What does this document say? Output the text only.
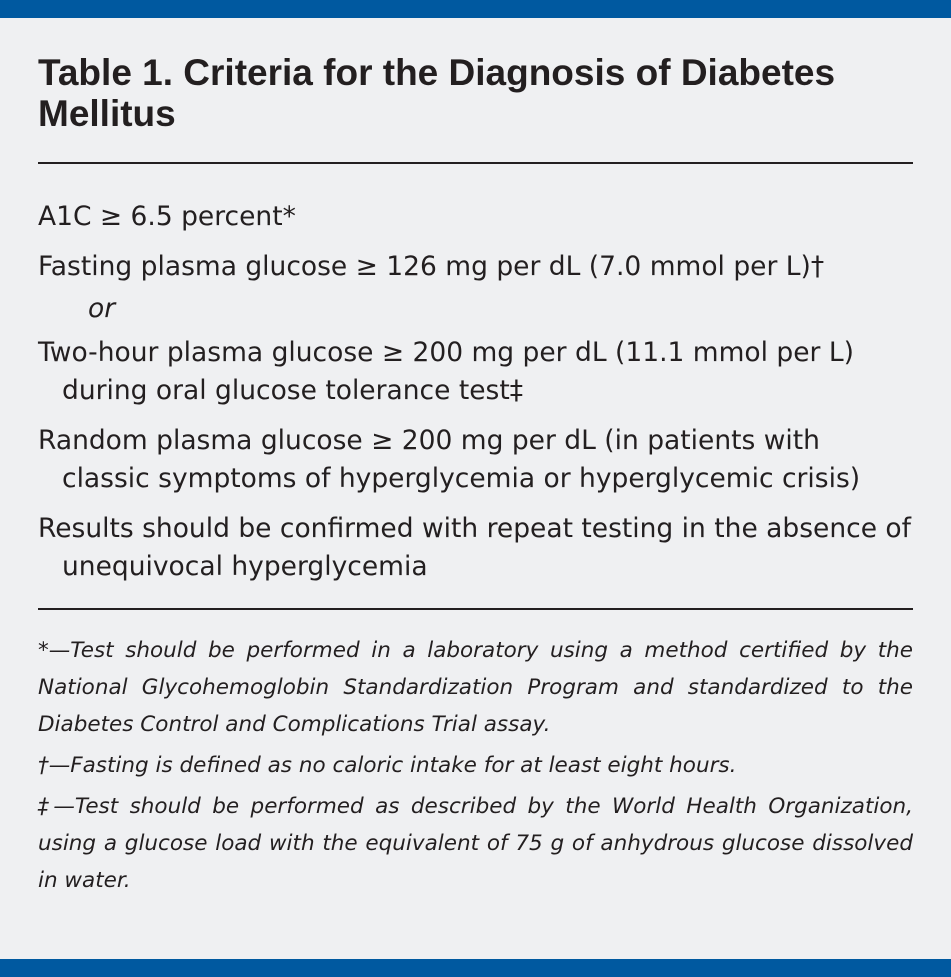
Table 1. Criteria for the Diagnosis of Diabetes Mellitus
A1C ≥ 6.5 percent*
Fasting plasma glucose ≥ 126 mg per dL (7.0 mmol per L)†
or
Two-hour plasma glucose ≥ 200 mg per dL (11.1 mmol per L) during oral glucose tolerance test‡
Random plasma glucose ≥ 200 mg per dL (in patients with classic symptoms of hyperglycemia or hyperglycemic crisis)
Results should be confirmed with repeat testing in the absence of unequivocal hyperglycemia
*—Test should be performed in a laboratory using a method certified by the National Glycohemoglobin Standardization Program and standardized to the Diabetes Control and Complications Trial assay.
†—Fasting is defined as no caloric intake for at least eight hours.
‡—Test should be performed as described by the World Health Organization, using a glucose load with the equivalent of 75 g of anhydrous glucose dissolved in water.
